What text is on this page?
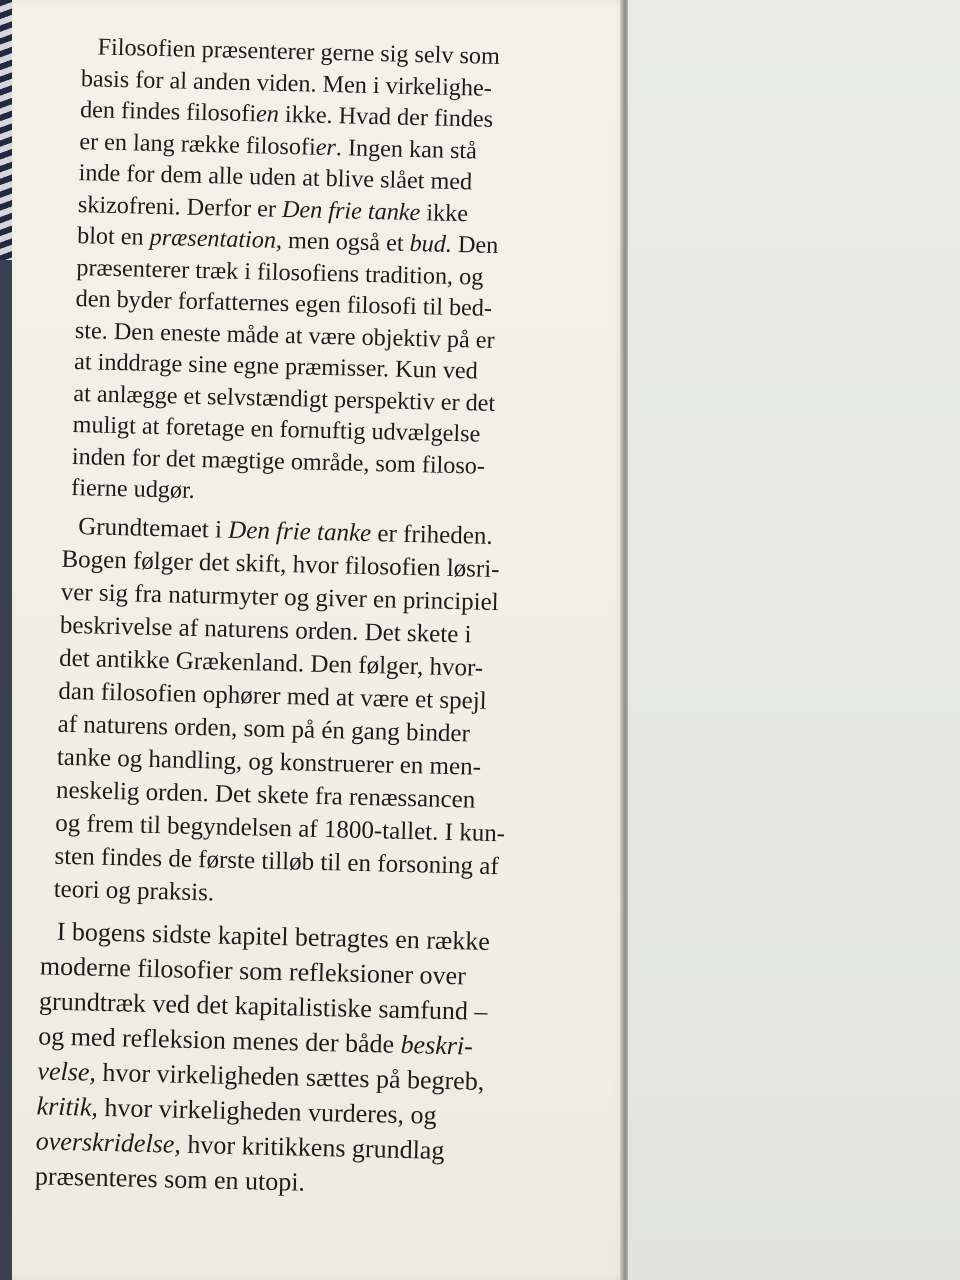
Filosofien præsenterer gerne sig selv som
basis for al anden viden. Men i virkelighe-
den findes filosofien ikke. Hvad der findes
er en lang række filosofier. Ingen kan stå
inde for dem alle uden at blive slået med
skizofreni. Derfor er Den frie tanke ikke
blot en præsentation, men også et bud. Den
præsenterer træk i filosofiens tradition, og
den byder forfatternes egen filosofi til bed-
ste. Den eneste måde at være objektiv på er
at inddrage sine egne præmisser. Kun ved
at anlægge et selvstændigt perspektiv er det
muligt at foretage en fornuftig udvælgelse
inden for det mægtige område, som filoso-
fierne udgør.
Grundtemaet i Den frie tanke er friheden.
Bogen følger det skift, hvor filosofien løsri-
ver sig fra naturmyter og giver en principiel
beskrivelse af naturens orden. Det skete i
det antikke Grækenland. Den følger, hvor-
dan filosofien ophører med at være et spejl
af naturens orden, som på én gang binder
tanke og handling, og konstruerer en men-
neskelig orden. Det skete fra renæssancen
og frem til begyndelsen af 1800-tallet. I kun-
sten findes de første tilløb til en forsoning af
teori og praksis.
I bogens sidste kapitel betragtes en række
moderne filosofier som refleksioner over
grundtræk ved det kapitalistiske samfund –
og med refleksion menes der både beskri-
velse, hvor virkeligheden sættes på begreb,
kritik, hvor virkeligheden vurderes, og
overskridelse, hvor kritikkens grundlag
præsenteres som en utopi.
